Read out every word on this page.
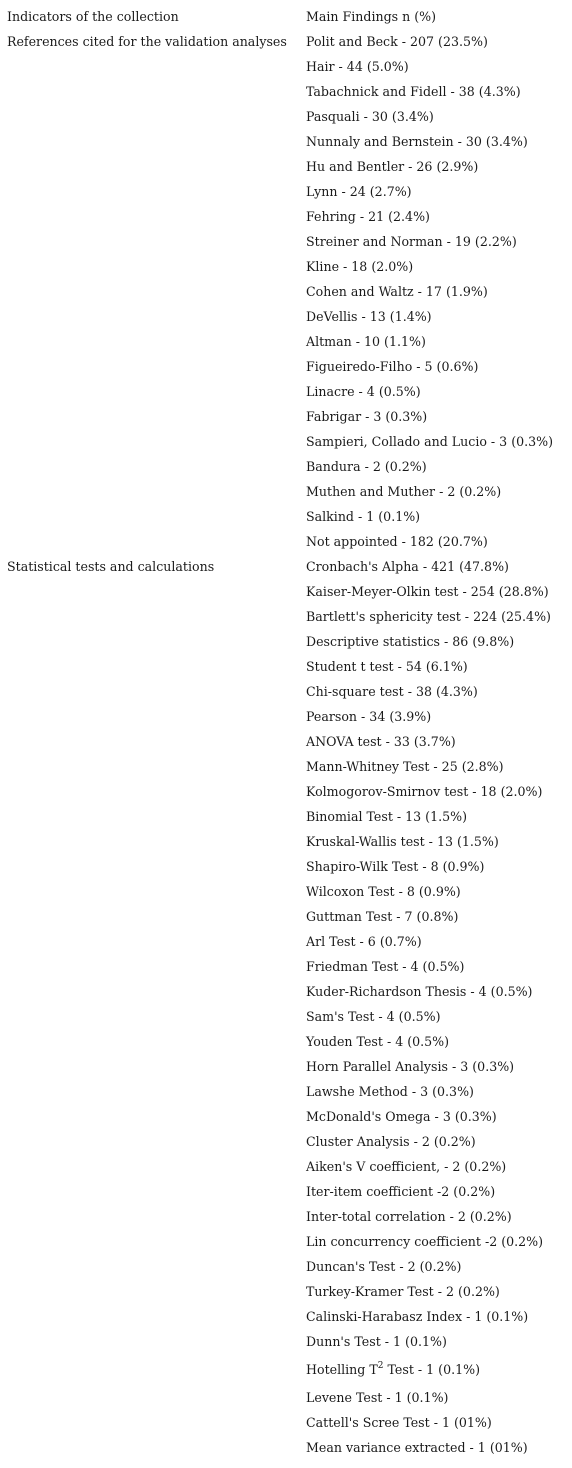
Indicators of the collection	Main Findings n (%)
References cited for the validation analyses	Polit and Beck - 207 (23.5%)
	Hair - 44 (5.0%)
	Tabachnick and Fidell - 38 (4.3%)
	Pasquali - 30 (3.4%)
	Nunnaly and Bernstein - 30 (3.4%)
	Hu and Bentler - 26 (2.9%)
	Lynn - 24 (2.7%)
	Fehring - 21 (2.4%)
	Streiner and Norman - 19 (2.2%)
	Kline - 18 (2.0%)
	Cohen and Waltz - 17 (1.9%)
	DeVellis - 13 (1.4%)
	Altman - 10 (1.1%)
	Figueiredo-Filho - 5 (0.6%)
	Linacre - 4 (0.5%)
	Fabrigar - 3 (0.3%)
	Sampieri, Collado and Lucio - 3 (0.3%)
	Bandura - 2 (0.2%)
	Muthen and Muther - 2 (0.2%)
	Salkind - 1 (0.1%)
	Not appointed - 182 (20.7%)
Statistical tests and calculations	Cronbach's Alpha - 421 (47.8%)
	Kaiser-Meyer-Olkin test - 254 (28.8%)
	Bartlett's sphericity test - 224 (25.4%)
	Descriptive statistics - 86 (9.8%)
	Student t test - 54 (6.1%)
	Chi-square test - 38 (4.3%)
	Pearson - 34 (3.9%)
	ANOVA test - 33 (3.7%)
	Mann-Whitney Test - 25 (2.8%)
	Kolmogorov-Smirnov test - 18 (2.0%)
	Binomial Test - 13 (1.5%)
	Kruskal-Wallis test - 13 (1.5%)
	Shapiro-Wilk Test - 8 (0.9%)
	Wilcoxon Test - 8 (0.9%)
	Guttman Test - 7 (0.8%)
	Arl Test - 6 (0.7%)
	Friedman Test - 4 (0.5%)
	Kuder-Richardson Thesis - 4 (0.5%)
	Sam's Test - 4 (0.5%)
	Youden Test - 4 (0.5%)
	Horn Parallel Analysis - 3 (0.3%)
	Lawshe Method - 3 (0.3%)
	McDonald's Omega - 3 (0.3%)
	Cluster Analysis - 2 (0.2%)
	Aiken's V coefficient, - 2 (0.2%)
	Iter-item coefficient -2 (0.2%)
	Inter-total correlation - 2 (0.2%)
	Lin concurrency coefficient -2 (0.2%)
	Duncan's Test - 2 (0.2%)
	Turkey-Kramer Test - 2 (0.2%)
	Calinski-Harabasz Index - 1 (0.1%)
	Dunn's Test - 1 (0.1%)
	Hotelling $T^2$ Test - 1 (0.1%)
	Levene Test - 1 (0.1%)
	Cattell's Scree Test - 1 (01%)
	Mean variance extracted - 1 (01%)
